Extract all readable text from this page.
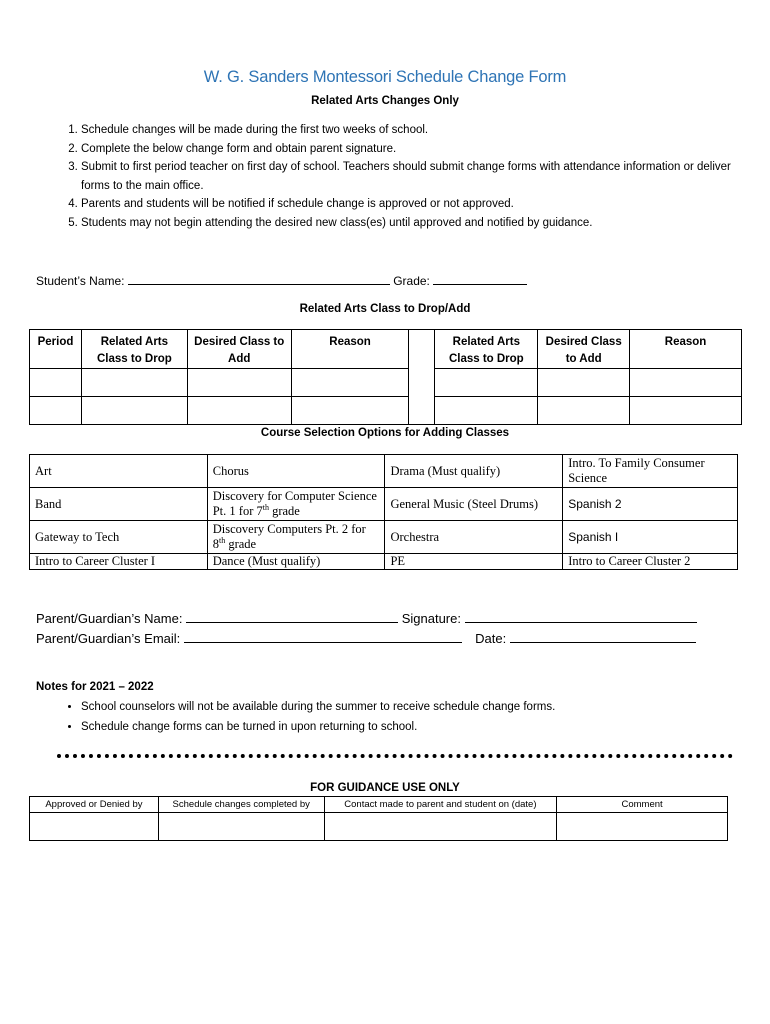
W. G. Sanders Montessori Schedule Change Form
Related Arts Changes Only
1. Schedule changes will be made during the first two weeks of school.
2. Complete the below change form and obtain parent signature.
3. Submit to first period teacher on first day of school. Teachers should submit change forms with attendance information or deliver forms to the main office.
4. Parents and students will be notified if schedule change is approved or not approved.
5. Students may not begin attending the desired new class(es) until approved and notified by guidance.
Student’s Name:	Grade:
Related Arts Class to Drop/Add
Period	Related Arts Class to Drop	Desired Class to Add	Reason		Related Arts Class to Drop	Desired Class to Add	Reason

Course Selection Options for Adding Classes
Art	Chorus	Drama (Must qualify)	Intro. To Family Consumer Science
Band	Discovery for Computer Science Pt. 1 for 7th grade	General Music (Steel Drums)	Spanish 2
Gateway to Tech	Discovery Computers Pt. 2 for 8th grade	Orchestra	Spanish I
Intro to Career Cluster I	Dance (Must qualify)	PE	Intro to Career Cluster 2
Parent/Guardian’s Name:	Signature:
Parent/Guardian’s Email:	Date:
Notes for 2021 – 2022
• School counselors will not be available during the summer to receive schedule change forms.
• Schedule change forms can be turned in upon returning to school.
FOR GUIDANCE USE ONLY
Approved or Denied by	Schedule changes completed by	Contact made to parent and student on (date)	Comment
